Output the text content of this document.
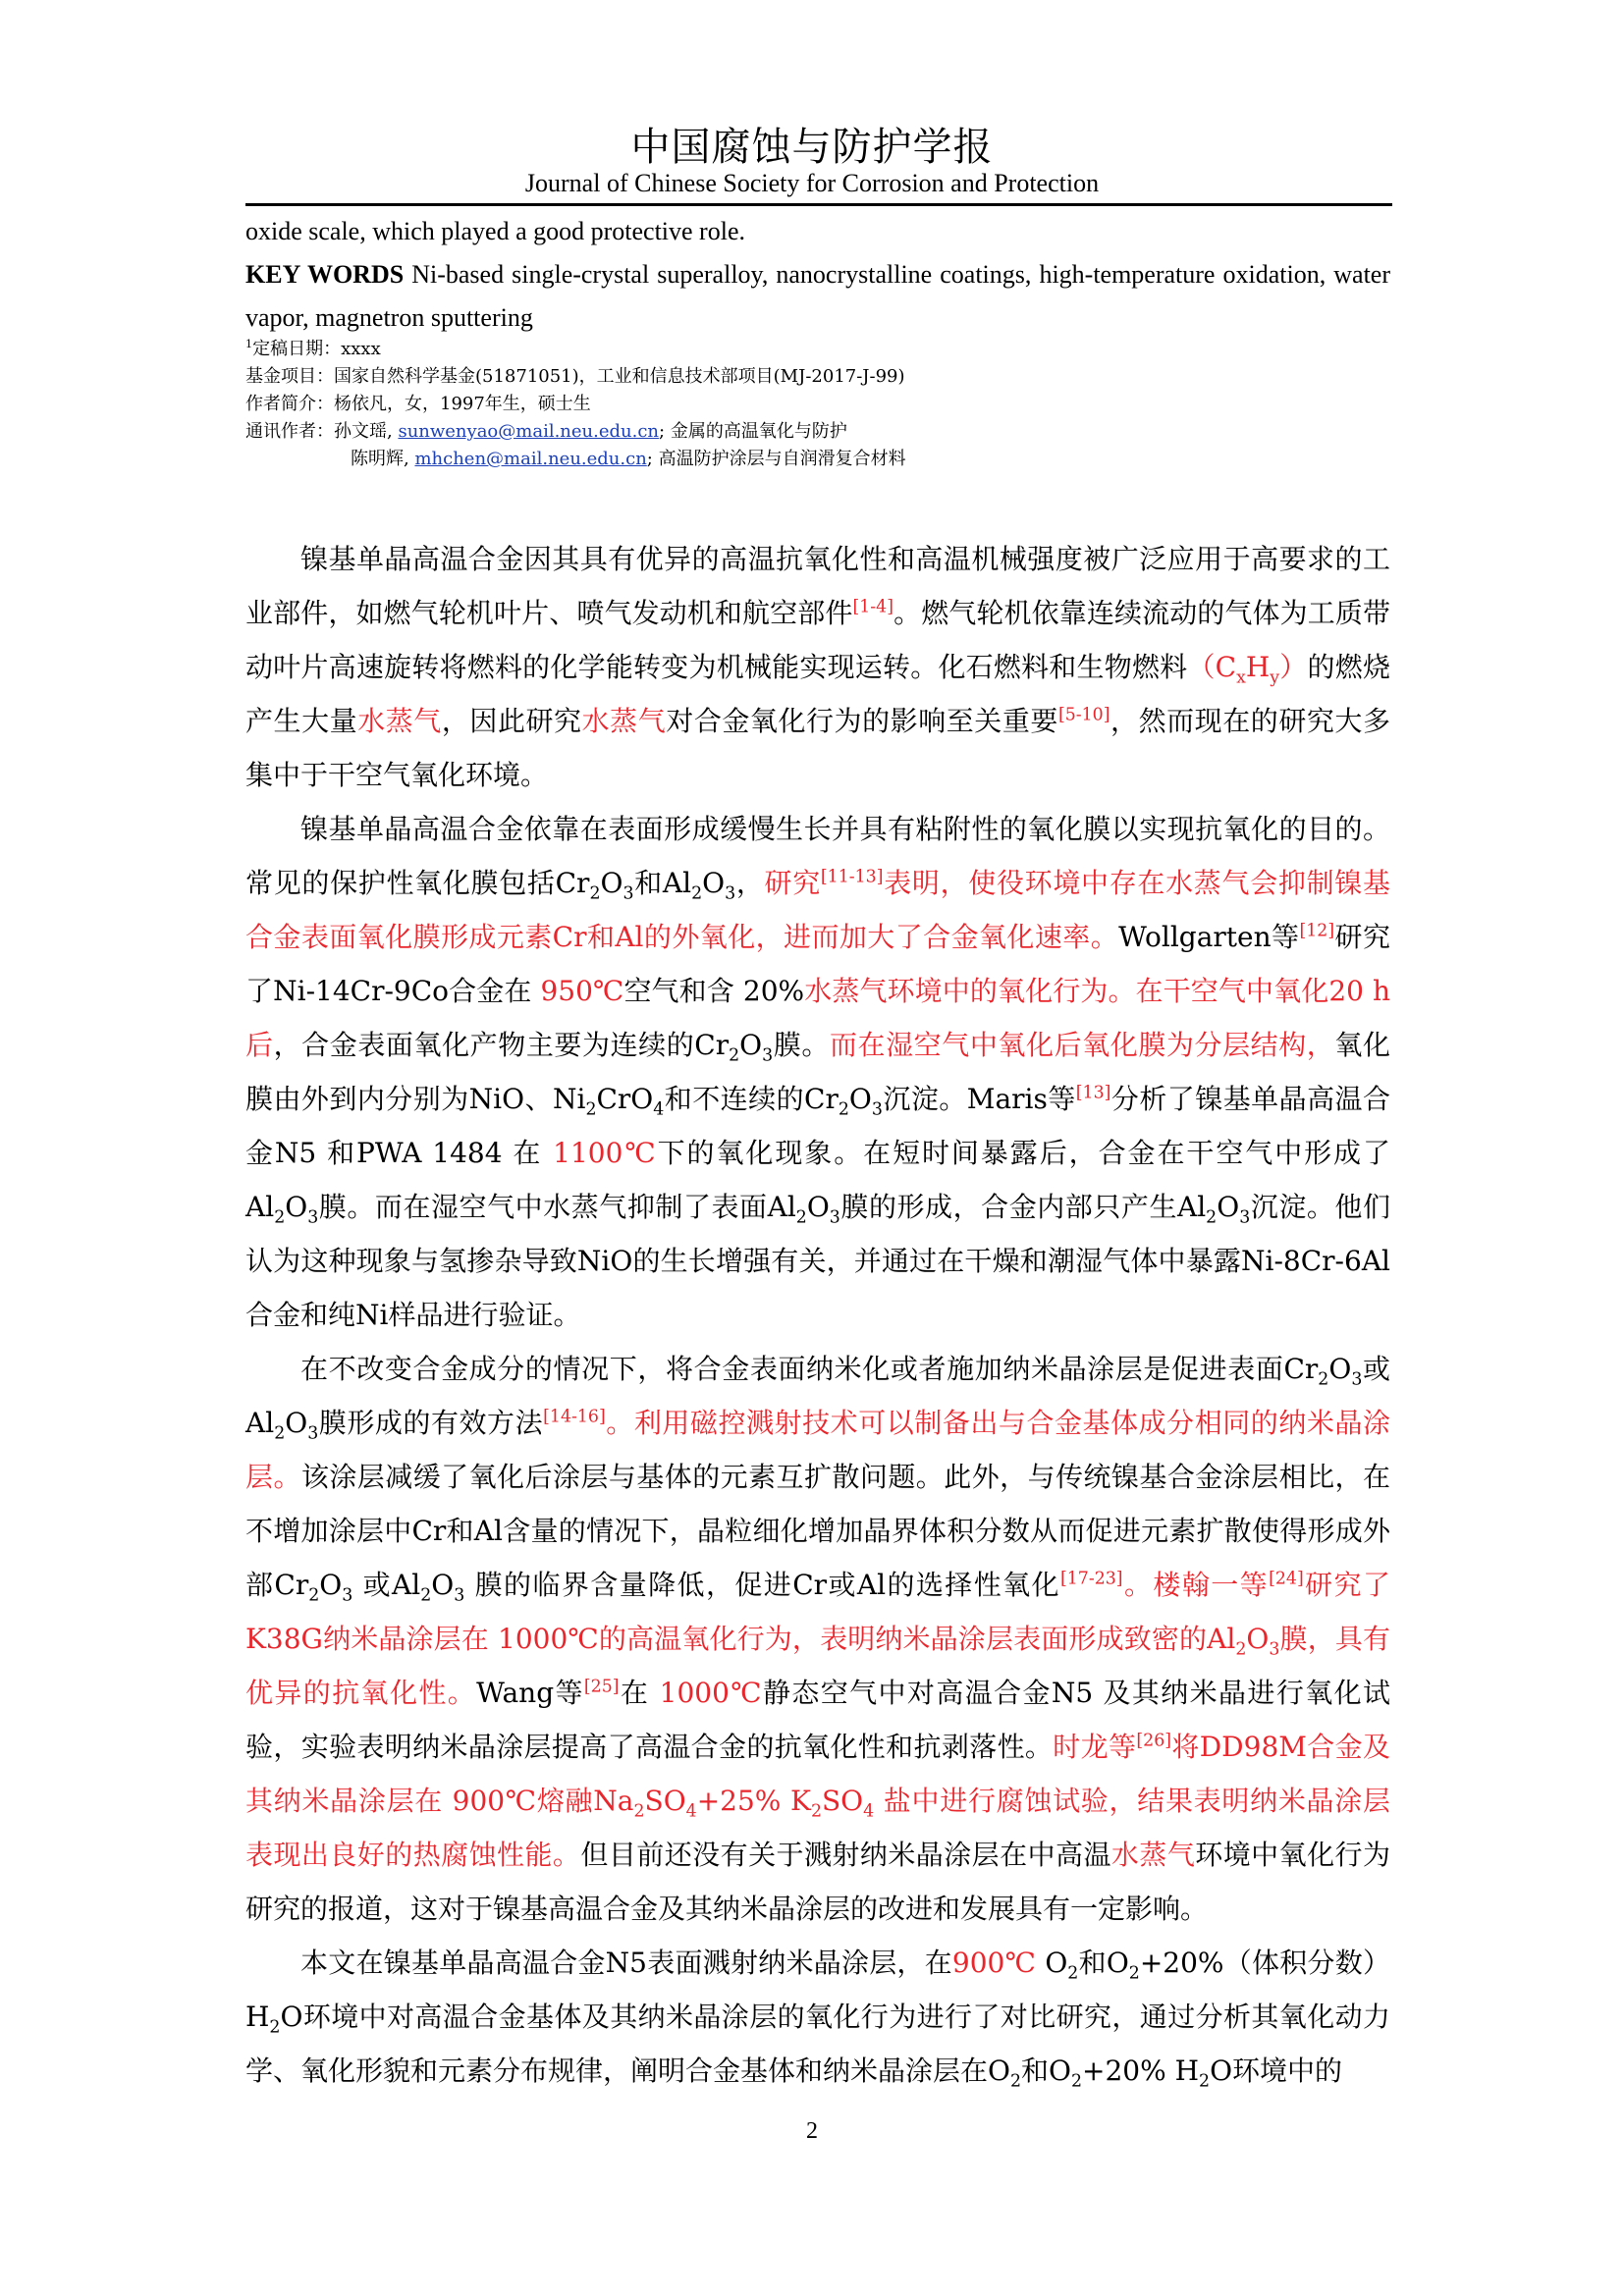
中国腐蚀与防护学报
Journal of Chinese Society for Corrosion and Protection

oxide scale, which played a good protective role.

KEY WORDS Ni-based single-crystal superalloy, nanocrystalline coatings, high-temperature oxidation, water vapor, magnetron sputtering

$^1$定稿日期：xxxx
基金项目：国家自然科学基金(51871051)，工业和信息技术部项目(MJ-2017-J-99)
作者简介：杨依凡，女，1997年生，硕士生
通讯作者：孙文瑶, sunwenyao@mail.neu.edu.cn; 金属的高温氧化与防护
陈明辉, mhchen@mail.neu.edu.cn; 高温防护涂层与自润滑复合材料

镍基单晶高温合金因其具有优异的高温抗氧化性和高温机械强度被广泛应用于高要求的工业部件，如燃气轮机叶片、喷气发动机和航空部件[1-4]。燃气轮机依靠连续流动的气体为工质带动叶片高速旋转将燃料的化学能转变为机械能实现运转。化石燃料和生物燃料$(C_xH_y)$的燃烧产生大量水蒸气，因此研究水蒸气对合金氧化行为的影响至关重要[5-10]，然而现在的研究大多集中于干空气氧化环境。

镍基单晶高温合金依靠在表面形成缓慢生长并具有粘附性的氧化膜以实现抗氧化的目的。常见的保护性氧化膜包括$Cr_2O_3$和$Al_2O_3$，研究[11-13]表明，使役环境中存在水蒸气会抑制镍基合金表面氧化膜形成元素Cr和Al的外氧化，进而加大了合金氧化速率。Wollgarten等[12]研究了Ni-14Cr-9Co合金在 950℃空气和含 20%水蒸气环境中的氧化行为。在干空气中氧化20 h后，合金表面氧化产物主要为连续的$Cr_2O_3$膜。而在湿空气中氧化后氧化膜为分层结构，氧化膜由外到内分别为NiO、$Ni_2CrO_4$和不连续的$Cr_2O_3$沉淀。Maris等[13]分析了镍基单晶高温合金N5 和PWA 1484 在 1100℃下的氧化现象。在短时间暴露后，合金在干空气中形成了$Al_2O_3$膜。而在湿空气中水蒸气抑制了表面$Al_2O_3$膜的形成，合金内部只产生$Al_2O_3$沉淀。他们认为这种现象与氢掺杂导致NiO的生长增强有关，并通过在干燥和潮湿气体中暴露Ni-8Cr-6Al合金和纯Ni样品进行验证。

在不改变合金成分的情况下，将合金表面纳米化或者施加纳米晶涂层是促进表面$Cr_2O_3$或$Al_2O_3$膜形成的有效方法[14-16]。利用磁控溅射技术可以制备出与合金基体成分相同的纳米晶涂层。该涂层减缓了氧化后涂层与基体的元素互扩散问题。此外，与传统镍基合金涂层相比，在不增加涂层中Cr和Al含量的情况下，晶粒细化增加晶界体积分数从而促进元素扩散使得形成外部$Cr_2O_3$ 或$Al_2O_3$ 膜的临界含量降低，促进Cr或Al的选择性氧化[17-23]。楼翰一等[24]研究了K38G纳米晶涂层在 1000℃的高温氧化行为，表明纳米晶涂层表面形成致密的$Al_2O_3$膜，具有优异的抗氧化性。Wang等[25]在 1000℃静态空气中对高温合金N5 及其纳米晶进行氧化试验，实验表明纳米晶涂层提高了高温合金的抗氧化性和抗剥落性。时龙等[26]将DD98M合金及其纳米晶涂层在 900℃熔融$Na_2SO_4+25\%$ $K_2SO_4$ 盐中进行腐蚀试验，结果表明纳米晶涂层表现出良好的热腐蚀性能。但目前还没有关于溅射纳米晶涂层在中高温水蒸气环境中氧化行为研究的报道，这对于镍基高温合金及其纳米晶涂层的改进和发展具有一定影响。

本文在镍基单晶高温合金N5表面溅射纳米晶涂层，在900℃ $O_2$和$O_2+20\%$（体积分数）$H_2O$环境中对高温合金基体及其纳米晶涂层的氧化行为进行了对比研究，通过分析其氧化动力学、氧化形貌和元素分布规律，阐明合金基体和纳米晶涂层在$O_2$和$O_2+20\%$ $H_2O$环境中的

2
